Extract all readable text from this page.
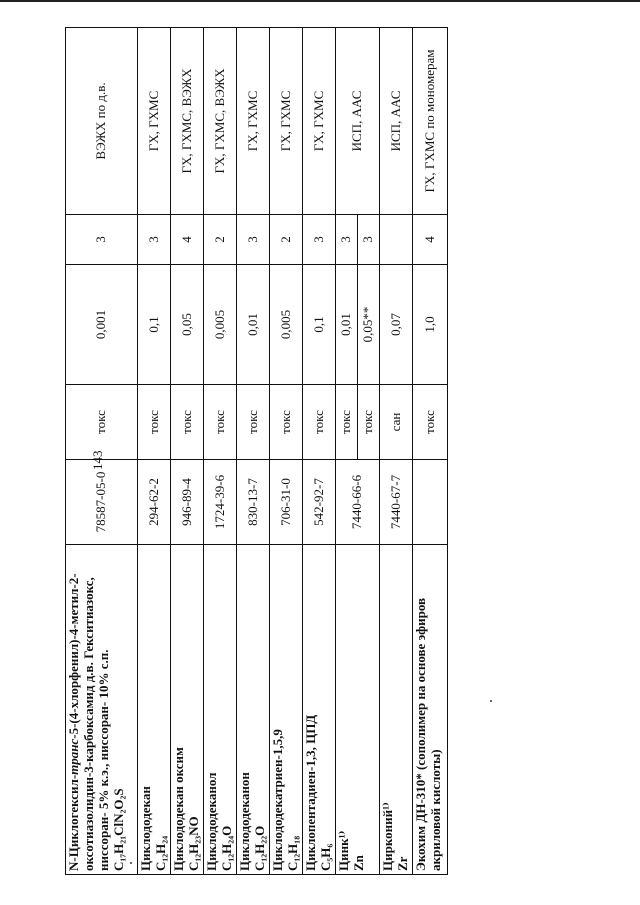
143
N-Циклогексил-транс-5-(4-хлорфенил)-4-метил-2-оксотиазолидин-3-карбоксамид д.в. Гекситиазокс, ниссоран- 5% к.э., ниссоран- 10% с.п. C₁₇H₂₁ClN₂O₂S	78587-05-0	токс	0,001	3	ВЭЖХ по д.в.

Циклододекан C₁₂H₂₄	294-62-2	токс	0,1	3	ГХ, ГХМС

Циклододекан оксим C₁₂H₂₃NO	946-89-4	токс	0,05	4	ГХ, ГХМС, ВЭЖХ

Циклододеканол C₁₂H₂₄O	1724-39-6	токс	0,005	2	ГХ, ГХМС, ВЭЖХ

Циклододеканон C₁₂H₂₂O	830-13-7	токс	0,01	3	ГХ, ГХМС

Циклододекатриен-1,5,9 C₁₂H₁₈	706-31-0	токс	0,005	2	ГХ, ГХМС

Циклопентадиен-1,3, ЦПД C₅H₆	542-92-7	токс	0,1	3	ГХ, ГХМС

Цинк¹⁾ Zn	7440-66-6	токс	0,01	3	ИСП, ААС
		токс	0,05**	3	

Цирконий¹⁾ Zr	7440-67-7	сан	0,07		ИСП, ААС

Экохим ДН-310* (сополимер на основе эфиров акриловой кислоты)		токс	1,0	4	ГХ, ГХМС по мономерам
